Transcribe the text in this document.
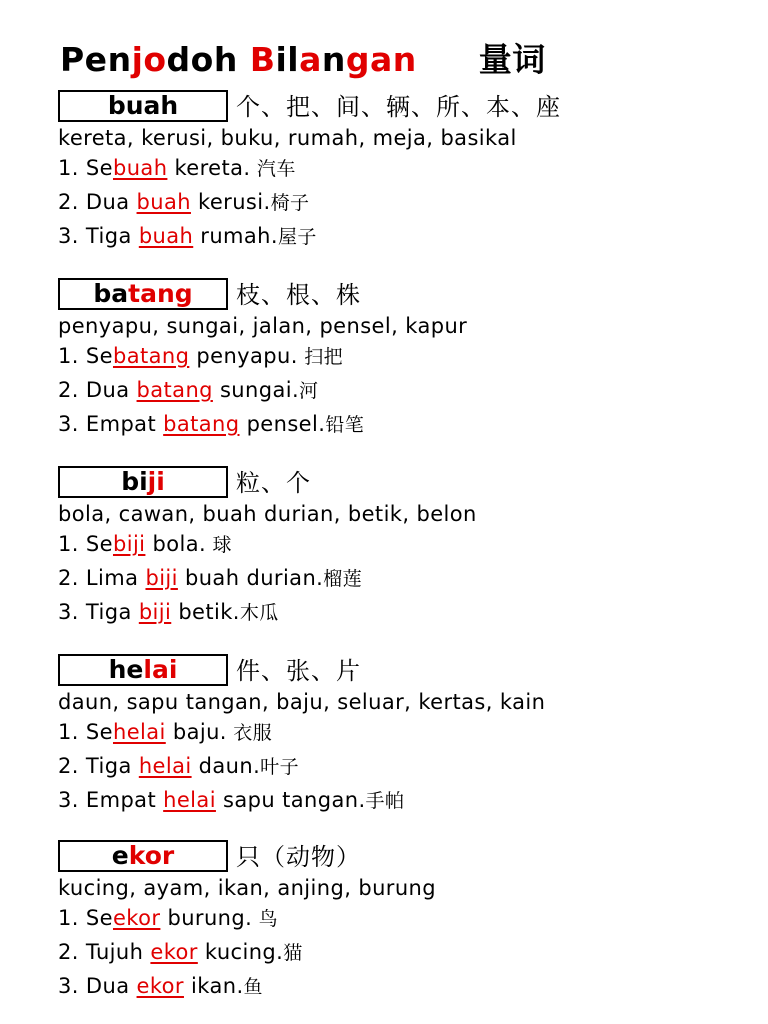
Penjodoh Bilangan 量词
buah	个、把、间、辆、所、本、座
kereta, kerusi, buku, rumah, meja, basikal
1. Sebuah kereta. 汽车
2. Dua buah kerusi.椅子
3. Tiga buah rumah.屋子
batang	枝、根、株
penyapu, sungai, jalan, pensel, kapur
1. Sebatang penyapu. 扫把
2. Dua batang sungai.河
3. Empat batang pensel.铅笔
biji	粒、个
bola, cawan, buah durian, betik, belon
1. Sebiji bola. 球
2. Lima biji buah durian.榴莲
3. Tiga biji betik.木瓜
helai	件、张、片
daun, sapu tangan, baju, seluar, kertas, kain
1. Sehelai baju. 衣服
2. Tiga helai daun.叶子
3. Empat helai sapu tangan.手帕
ekor	只（动物）
kucing, ayam, ikan, anjing, burung
1. Seekor burung. 鸟
2. Tujuh ekor kucing.猫
3. Dua ekor ikan.鱼
